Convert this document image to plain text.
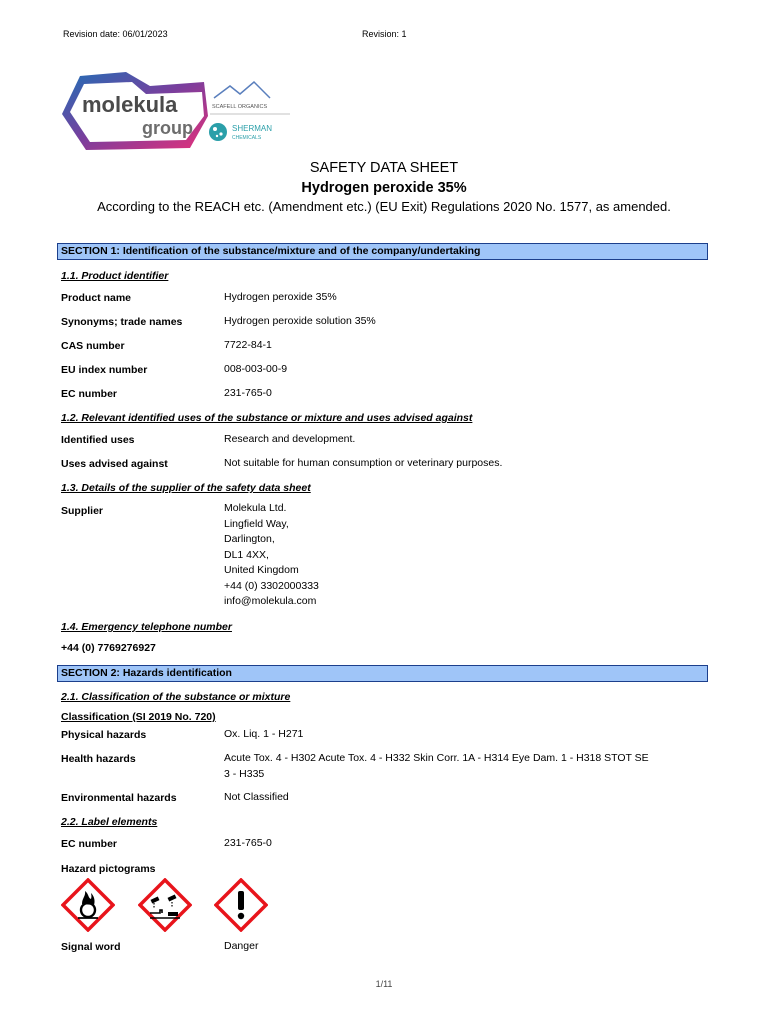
Revision date: 06/01/2023	Revision: 1
molekula
group
SCAFELL ORGANICS
SHERMAN
CHEMICALS
SAFETY DATA SHEET
Hydrogen peroxide 35%
According to the REACH etc. (Amendment etc.) (EU Exit) Regulations 2020 No. 1577, as amended.
SECTION 1: Identification of the substance/mixture and of the company/undertaking
1.1. Product identifier
Product name	Hydrogen peroxide 35%
Synonyms; trade names	Hydrogen peroxide solution 35%
CAS number	7722-84-1
EU index number	008-003-00-9
EC number	231-765-0
1.2. Relevant identified uses of the substance or mixture and uses advised against
Identified uses	Research and development.
Uses advised against	Not suitable for human consumption or veterinary purposes.
1.3. Details of the supplier of the safety data sheet
Supplier	Molekula Ltd.
Lingfield Way,
Darlington,
DL1 4XX,
United Kingdom
+44 (0) 3302000333
info@molekula.com
1.4. Emergency telephone number
+44 (0) 7769276927
SECTION 2: Hazards identification
2.1. Classification of the substance or mixture
Classification (SI 2019 No. 720)
Physical hazards	Ox. Liq. 1 - H271
Health hazards	Acute Tox. 4 - H302 Acute Tox. 4 - H332 Skin Corr. 1A - H314 Eye Dam. 1 - H318 STOT SE
3 - H335
Environmental hazards	Not Classified
2.2. Label elements
EC number	231-765-0
Hazard pictograms
Signal word	Danger
1/11
